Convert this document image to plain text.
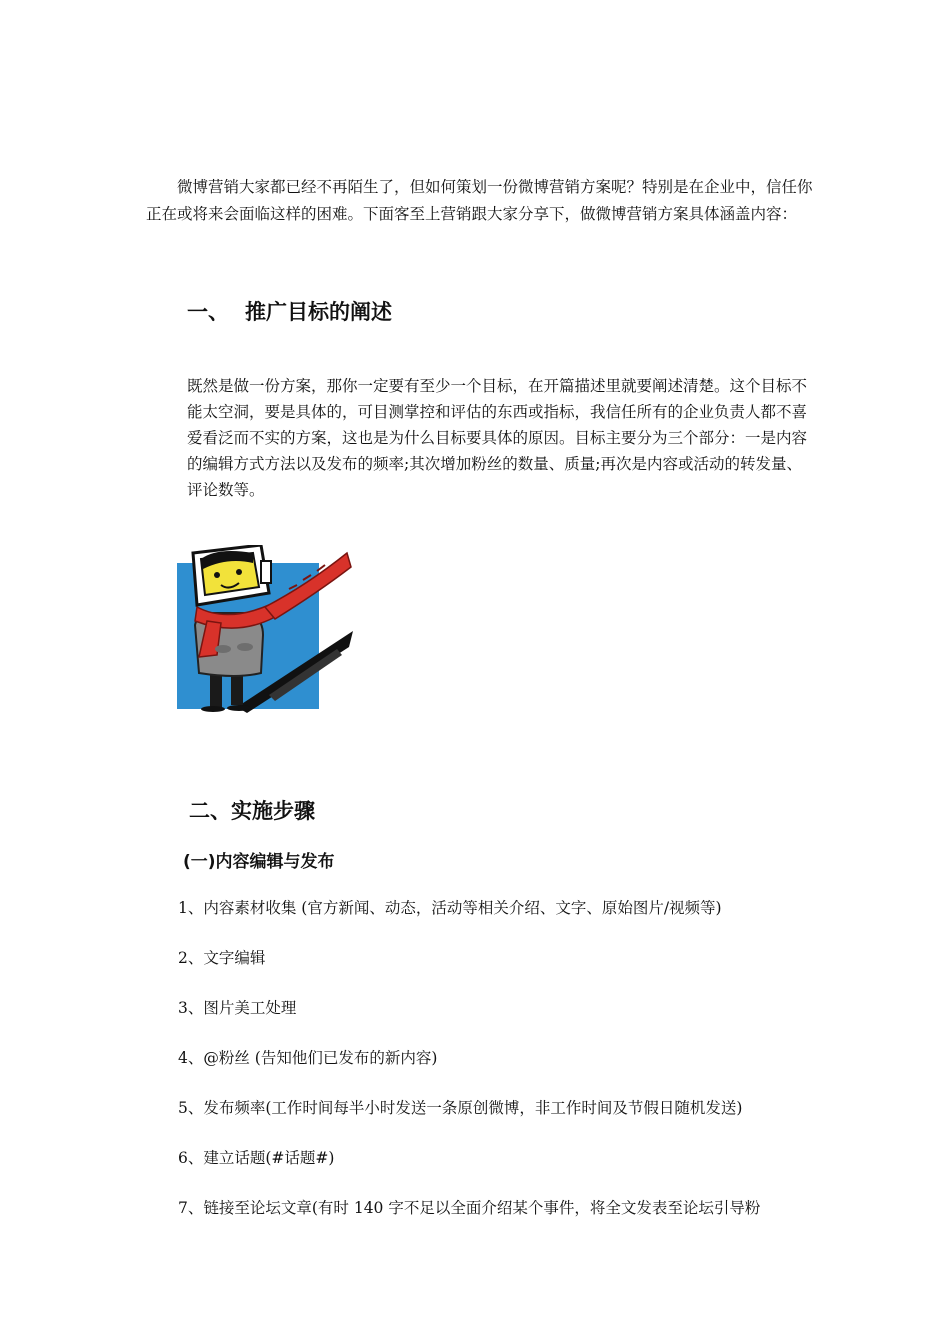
微博营销大家都已经不再陌生了，但如何策划一份微博营销方案呢？特别是在企业中，信任你正在或将来会面临这样的困难。下面客至上营销跟大家分享下，做微博营销方案具体涵盖内容：

一、 推广目标的阐述

既然是做一份方案，那你一定要有至少一个目标，在开篇描述里就要阐述清楚。这个目标不能太空洞，要是具体的，可目测掌控和评估的东西或指标，我信任所有的企业负责人都不喜爱看泛而不实的方案，这也是为什么目标要具体的原因。目标主要分为三个部分：一是内容的编辑方式方法以及发布的频率;其次增加粉丝的数量、质量;再次是内容或活动的转发量、评论数等。

二、实施步骤
(一)内容编辑与发布
1、内容素材收集 (官方新闻、动态，活动等相关介绍、文字、原始图片/视频等)
2、文字编辑
3、图片美工处理
4、@粉丝 (告知他们已发布的新内容)
5、发布频率(工作时间每半小时发送一条原创微博，非工作时间及节假日随机发送)
6、建立话题(#话题#)
7、链接至论坛文章(有时 140 字不足以全面介绍某个事件，将全文发表至论坛引导粉
